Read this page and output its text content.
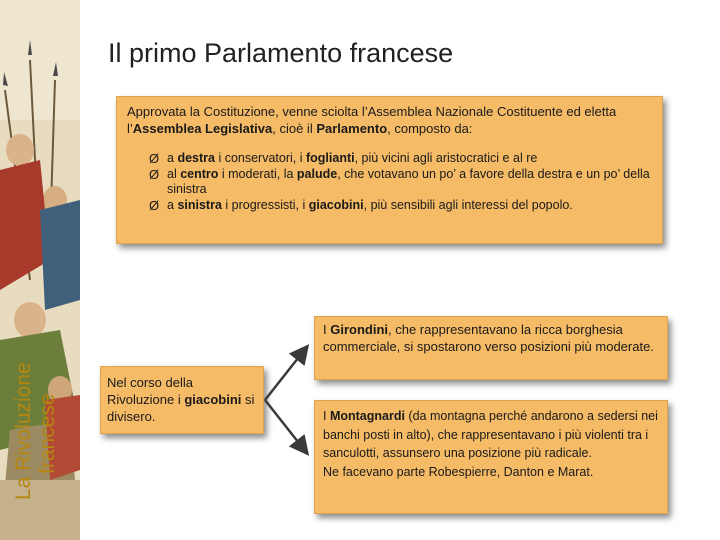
La Rivoluzione francese
Il primo Parlamento francese

Approvata la Costituzione, venne sciolta l’Assemblea Nazionale Costituente ed eletta l’Assemblea Legislativa, cioè il Parlamento, composto da:

Ø a destra i conservatori, i foglianti, più vicini agli aristocratici e al re
Ø al centro i moderati, la palude, che votavano un po’ a favore della destra e un po’ della sinistra
Ø a sinistra i progressisti, i giacobini, più sensibili agli interessi del popolo.
Nel corso della Rivoluzione i giacobini si divisero.
I Girondini, che rappresentavano la ricca borghesia commerciale, si spostarono verso posizioni più moderate.
I Montagnardi (da montagna perché andarono a sedersi nei banchi posti in alto), che rappresentavano i più violenti tra i sanculotti, assunsero una posizione più radicale.
Ne facevano parte Robespierre, Danton e Marat.
